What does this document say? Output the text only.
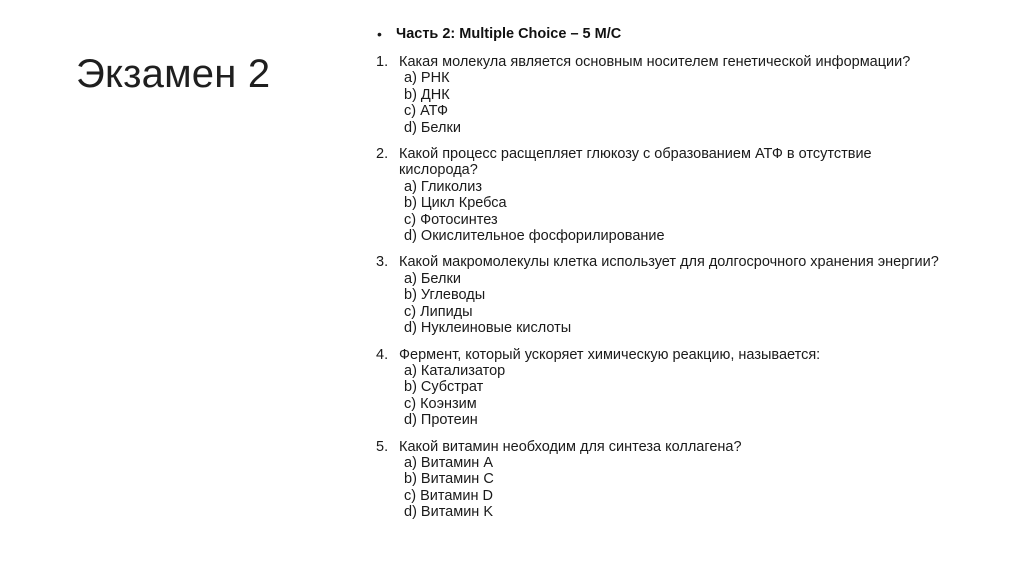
Экзамен 2
• Часть 2: Multiple Choice – 5 M/C
1. Какая молекула является основным носителем генетической информации?
a) РНК
b) ДНК
c) АТФ
d) Белки
2. Какой процесс расщепляет глюкозу с образованием АТФ в отсутствие кислорода?
a) Гликолиз
b) Цикл Кребса
c) Фотосинтез
d) Окислительное фосфорилирование
3. Какой макромолекулы клетка использует для долгосрочного хранения энергии?
a) Белки
b) Углеводы
c) Липиды
d) Нуклеиновые кислоты
4. Фермент, который ускоряет химическую реакцию, называется:
a) Катализатор
b) Субстрат
c) Коэнзим
d) Протеин
5. Какой витамин необходим для синтеза коллагена?
a) Витамин A
b) Витамин C
c) Витамин D
d) Витамин K
